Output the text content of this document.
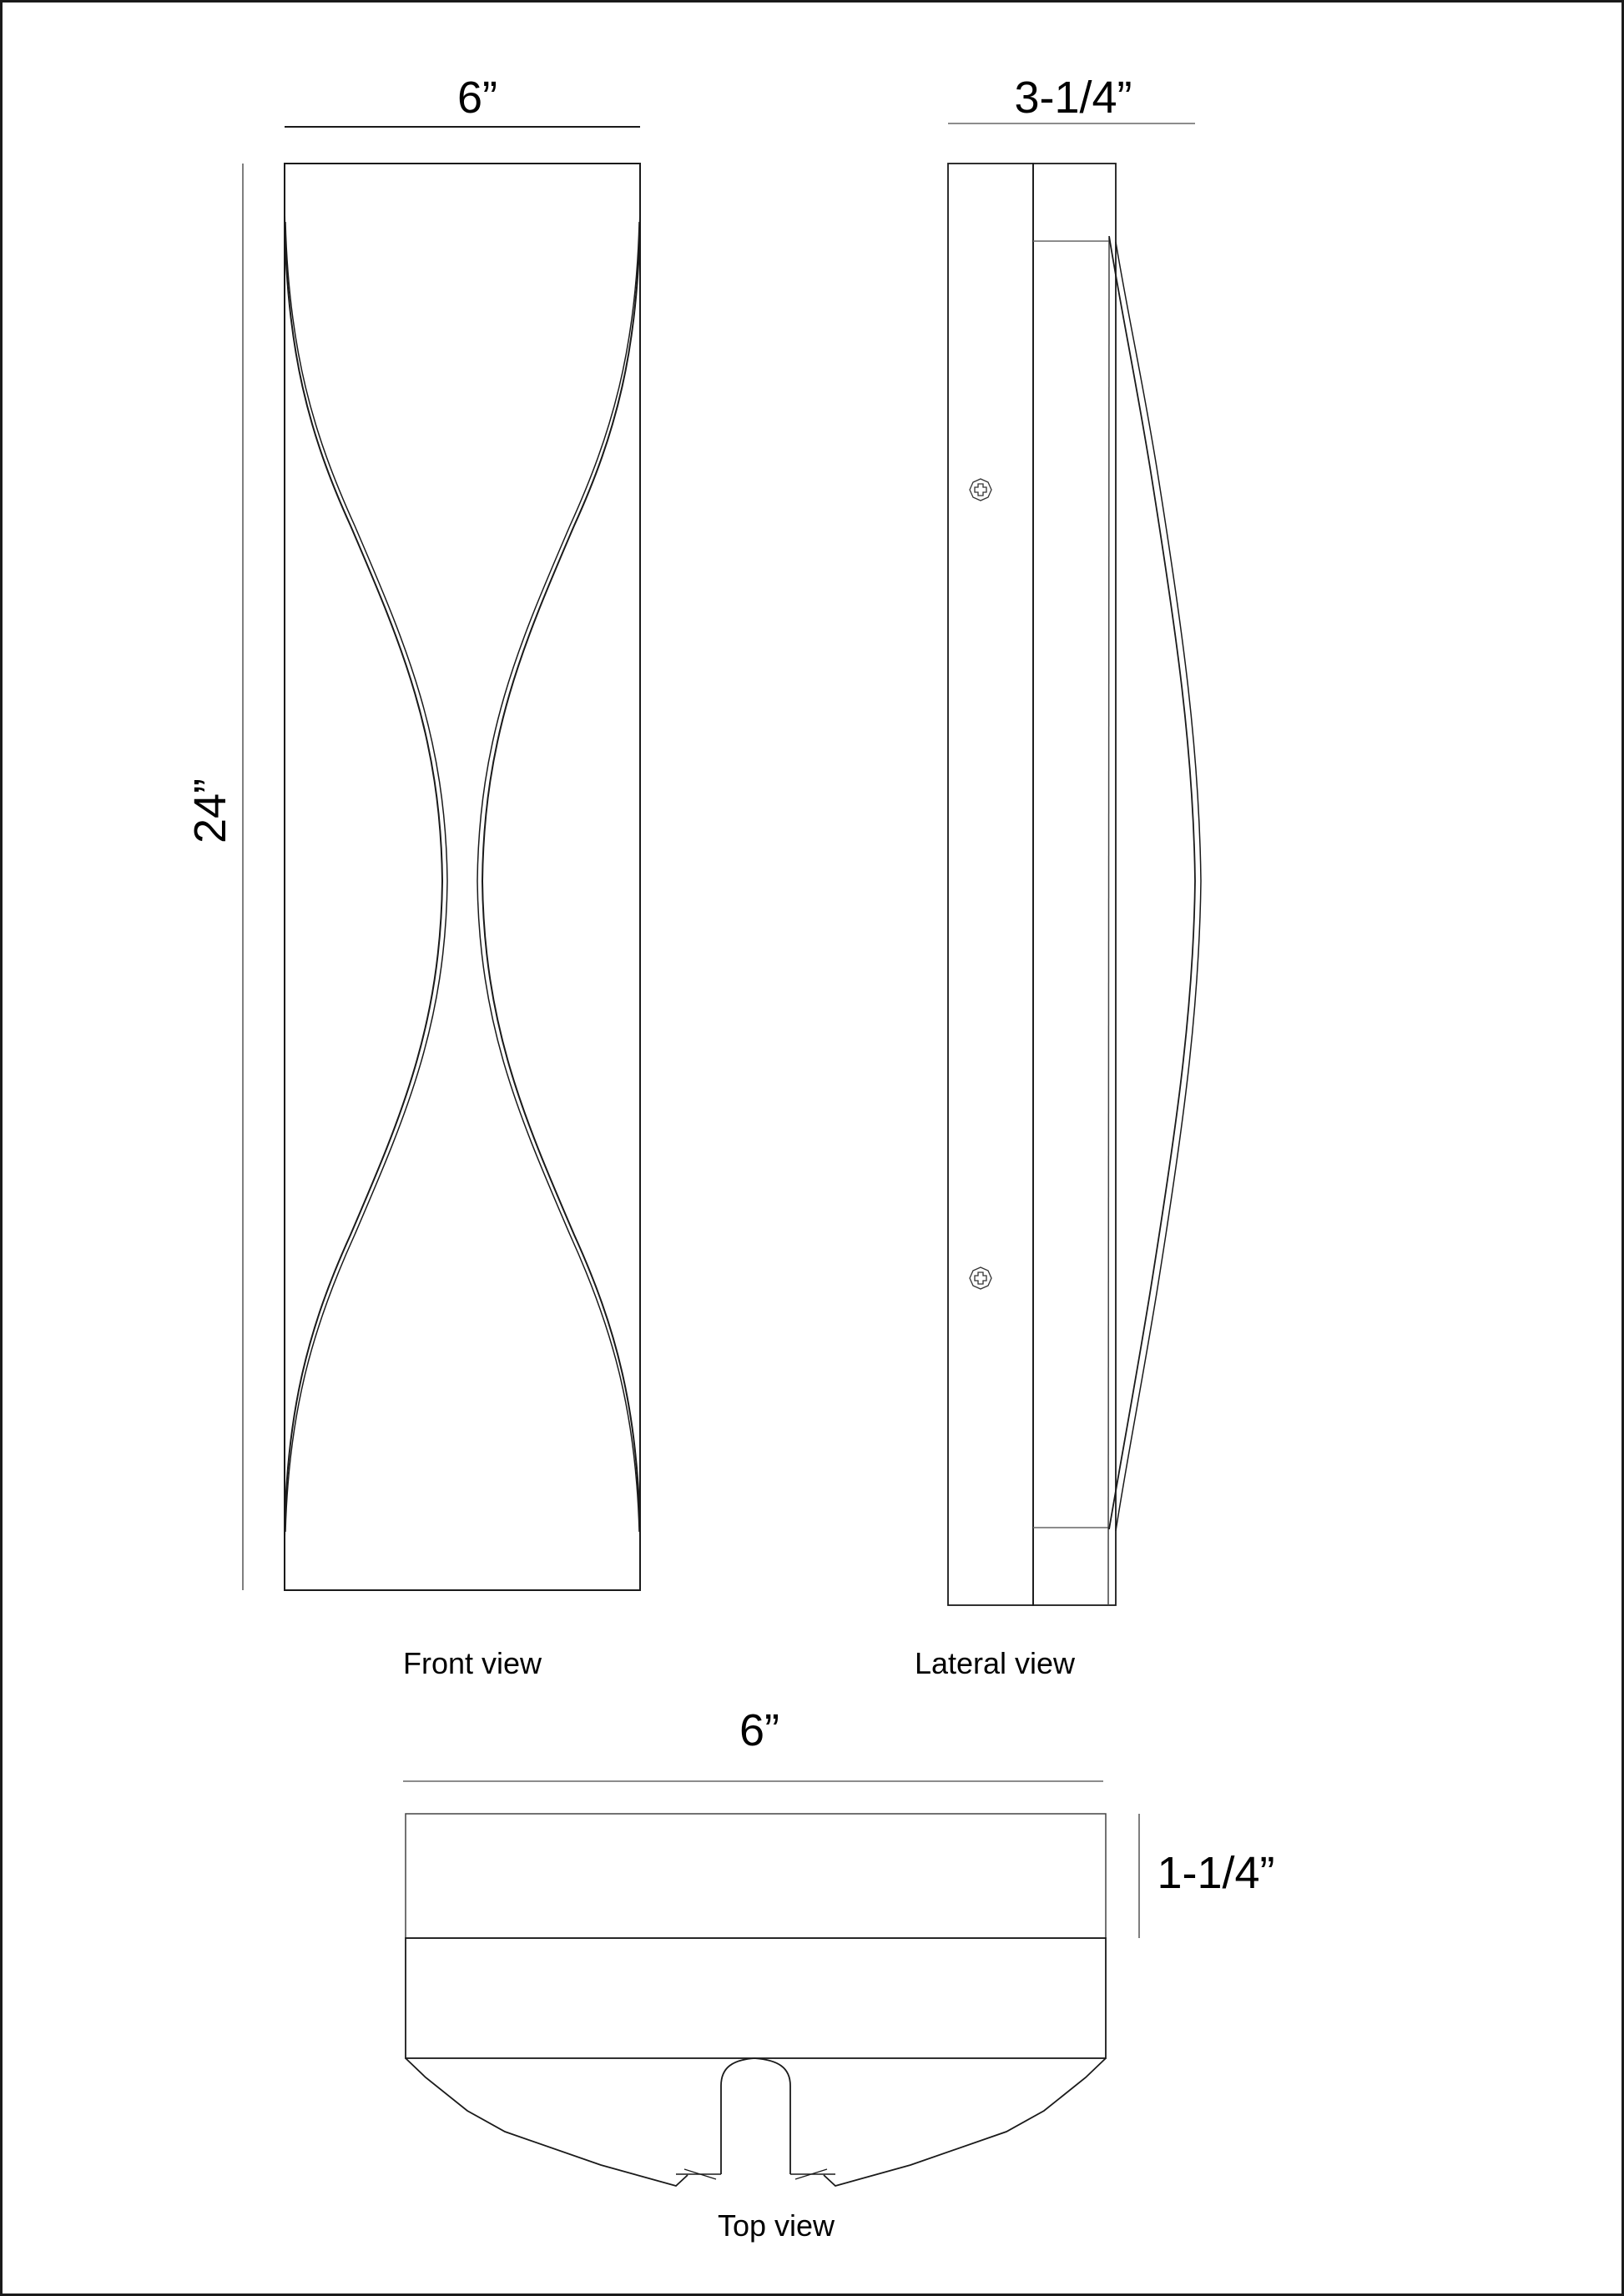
6”
24”
3-1/4”
Front view	Lateral view
6”
1-1/4”
Top view
